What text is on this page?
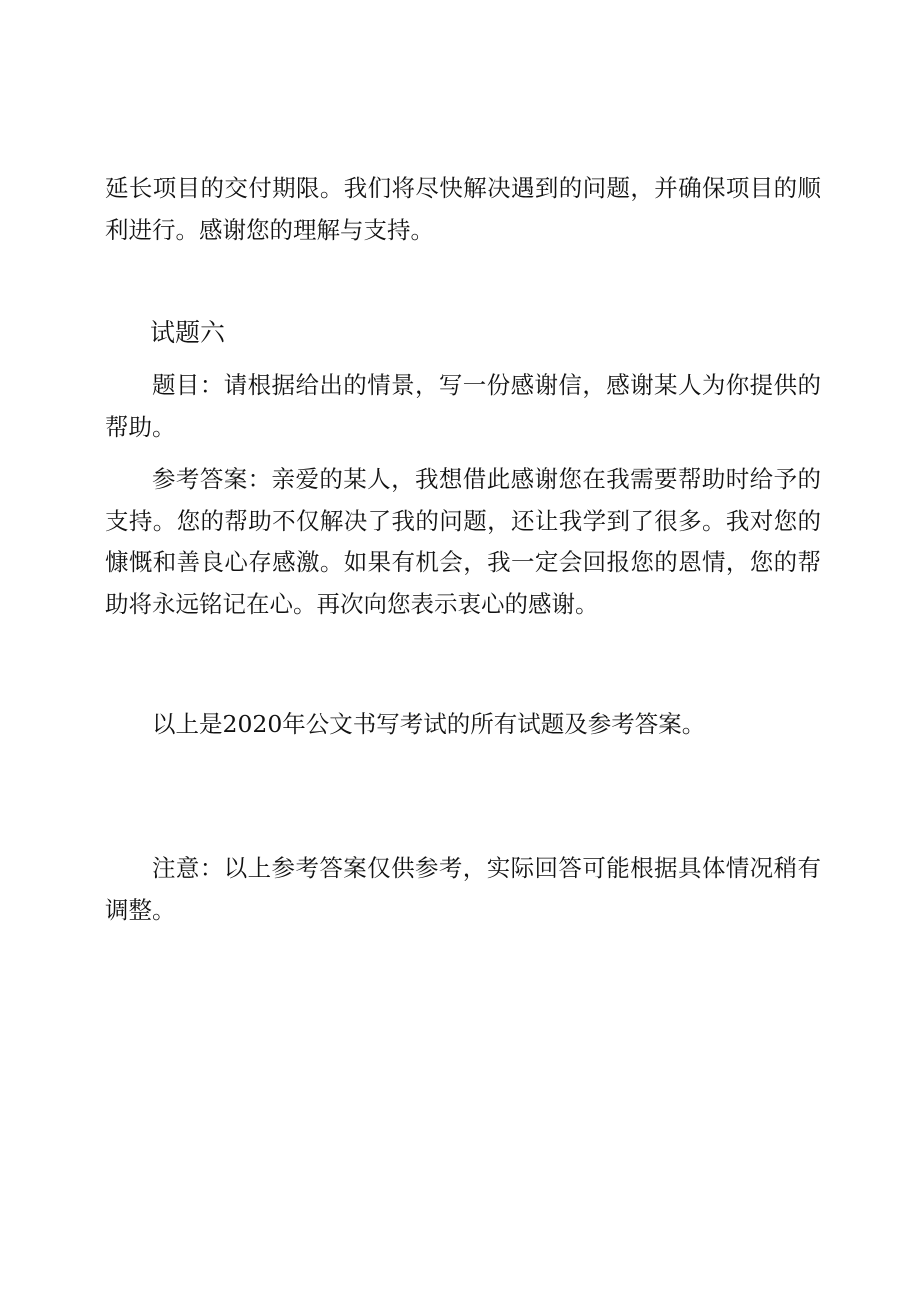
延长项目的交付期限。我们将尽快解决遇到的问题，并确保项目的顺利进行。感谢您的理解与支持。

试题六

题目：请根据给出的情景，写一份感谢信，感谢某人为你提供的帮助。

参考答案：亲爱的某人，我想借此感谢您在我需要帮助时给予的支持。您的帮助不仅解决了我的问题，还让我学到了很多。我对您的慷慨和善良心存感激。如果有机会，我一定会回报您的恩情，您的帮助将永远铭记在心。再次向您表示衷心的感谢。

以上是2020年公文书写考试的所有试题及参考答案。

注意：以上参考答案仅供参考，实际回答可能根据具体情况稍有调整。
